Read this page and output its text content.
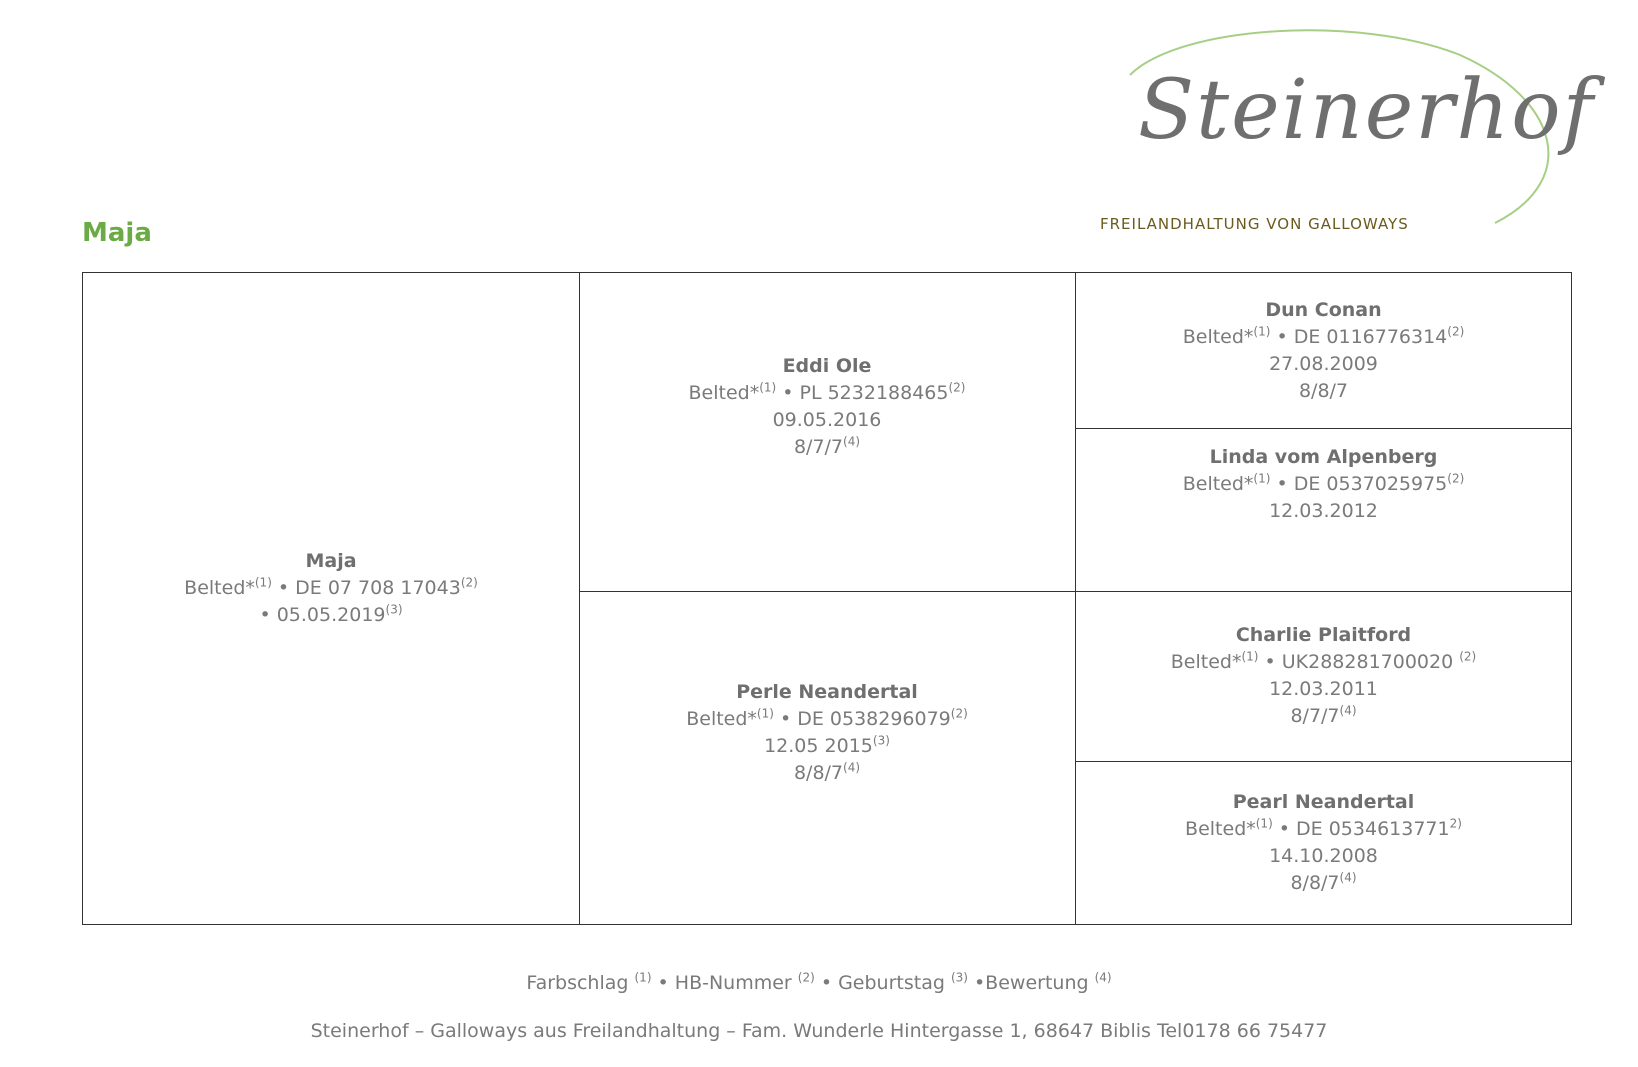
Steinerhof
FREILANDHALTUNG VON GALLOWAYS
Maja
Maja
Belted*$^{(1)}$ • DE 07 708 17043$^{(2)}$
• 05.05.2019$^{(3)}$
Eddi Ole
Belted*$^{(1)}$ • PL 5232188465$^{(2)}$
09.05.2016
8/7/7$^{(4)}$
Perle Neandertal
Belted*$^{(1)}$ • DE 0538296079$^{(2)}$
12.05 2015$^{(3)}$
8/8/7$^{(4)}$
Dun Conan
Belted*$^{(1)}$ • DE 0116776314$^{(2)}$
27.08.2009
8/8/7
Linda vom Alpenberg
Belted*$^{(1)}$ • DE 0537025975$^{(2)}$
12.03.2012
Charlie Plaitford
Belted*$^{(1)}$ • UK288281700020 $^{(2)}$
12.03.2011
8/7/7$^{(4)}$
Pearl Neandertal
Belted*$^{(1)}$ • DE 0534613771$^{2)}$
14.10.2008
8/8/7$^{(4)}$
Farbschlag $^{(1)}$ • HB-Nummer $^{(2)}$ • Geburtstag $^{(3)}$ •Bewertung $^{(4)}$
Steinerhof – Galloways aus Freilandhaltung – Fam. Wunderle Hintergasse 1, 68647 Biblis Tel0178 66 75477
